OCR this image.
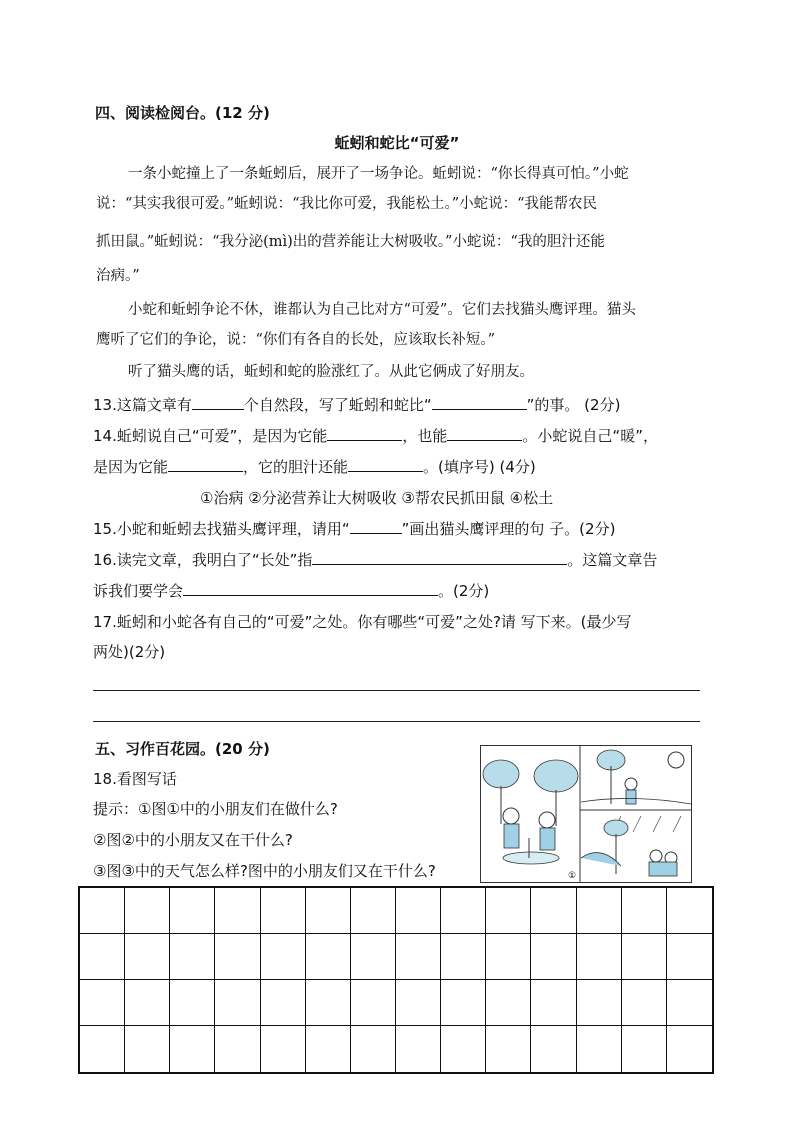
四、阅读检阅台。(12 分)
蚯蚓和蛇比“可爱”
一条小蛇撞上了一条蚯蚓后，展开了一场争论。蚯蚓说：“你长得真可怕。”小蛇
说：“其实我很可爱。”蚯蚓说：“我比你可爱，我能松土。”小蛇说：“我能帮农民
抓田鼠。”蚯蚓说：“我分泌(mì)出的营养能让大树吸收。”小蛇说：“我的胆汁还能
治病。”
小蛇和蚯蚓争论不休，谁都认为自己比对方“可爱”。它们去找猫头鹰评理。猫头
鹰听了它们的争论，说：“你们有各自的长处，应该取长补短。”
听了猫头鹰的话，蚯蚓和蛇的脸涨红了。从此它俩成了好朋友。
13.这篇文章有	个自然段，写了蚯蚓和蛇比“	”的事。 (2分)
14.蚯蚓说自己“可爱”，是因为它能	，也能	。小蛇说自己“暖”，
是因为它能	，它的胆汁还能	。(填序号) (4分)
①治病 ②分泌营养让大树吸收 ③帮农民抓田鼠 ④松土
15.小蛇和蚯蚓去找猫头鹰评理，请用“	”画出猫头鹰评理的句 子。(2分)
16.读完文章，我明白了“长处”指	。这篇文章告
诉我们要学会	。(2分)
17.蚯蚓和小蛇各有自己的“可爱”之处。你有哪些“可爱”之处?请 写下来。(最少写
两处)(2分)
五、习作百花园。(20 分)
18.看图写话
提示：①图①中的小朋友们在做什么?
②图②中的小朋友又在干什么?
③图③中的天气怎么样?图中的小朋友们又在干什么?	①
